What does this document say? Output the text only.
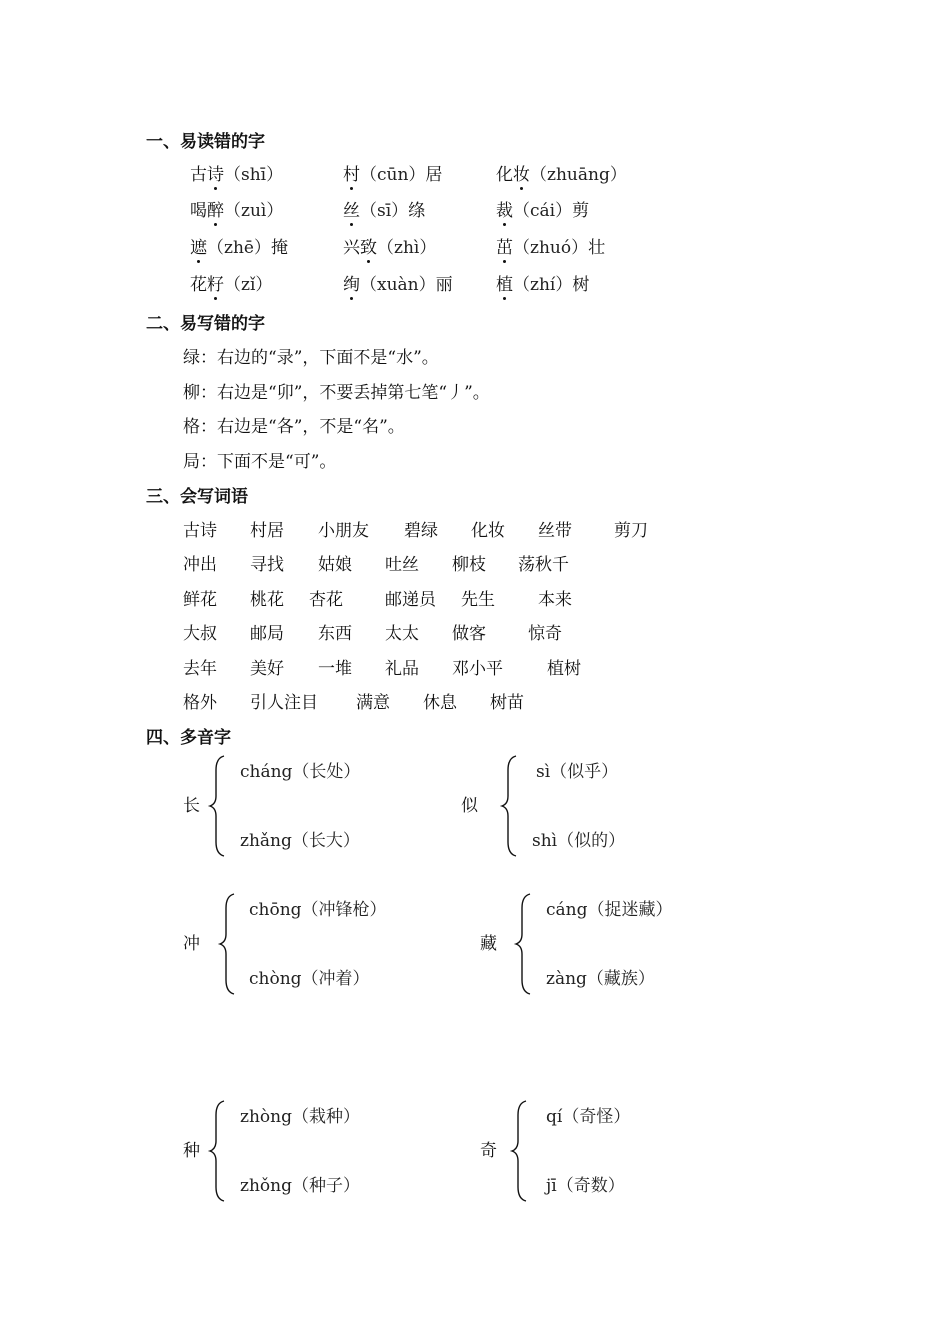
一、易读错的字
古诗（shī）	村（cūn）居	化妆（zhuāng）
喝醉（zuì）	丝（sī）绦	裁（cái）剪
遮（zhē）掩	兴致（zhì）	茁（zhuó）壮
花籽（zǐ）	绚（xuàn）丽	植（zhí）树
二、易写错的字
绿：右边的“录”，下面不是“水”。
柳：右边是“卯”，不要丢掉第七笔“丿”。
格：右边是“各”，不是“名”。
局：下面不是“可”。
三、会写词语
古诗 村居 小朋友 碧绿 化妆 丝带 剪刀
冲出 寻找 姑娘 吐丝 柳枝 荡秋千
鲜花 桃花 杏花 邮递员 先生	本来
大叔 邮局 东西 太太 做客 惊奇
去年 美好 一堆 礼品 邓小平	植树
格外 引人注目 满意 休息 树苗
四、多音字
长
cháng（长处）
zhǎng（长大）
似
sì（似乎）
shì（似的）
冲
chōng（冲锋枪）
chòng（冲着）
藏
cáng（捉迷藏）
zàng（藏族）
种
zhòng（栽种）
zhǒng（种子）
奇
qí（奇怪）
jī（奇数）
